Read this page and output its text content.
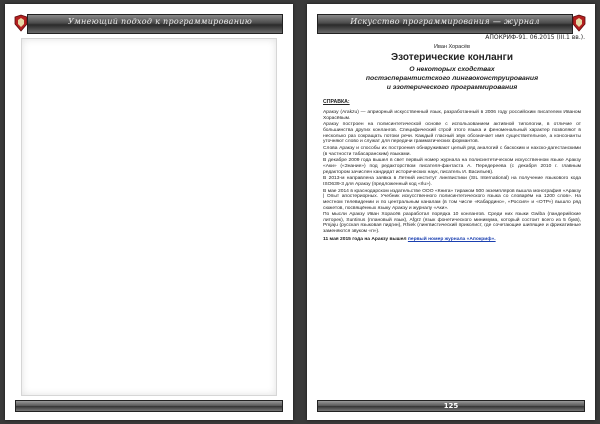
Умнеющий подход к программированию	Искусство программирования — журнал
АПОКРИФ-91. 06.2015 (III.1 вв.).
Иван Хорасёв
Эзотерические конланги
О некоторых сходствах
постэсперантистского лингвоконструирования
и эзотерического программирования
СПРАВКА:

Аракзу (Arakzu) — априорный искусственный язык, разработанный в 2006 году российским писателем Иваном Хорасёвым.

Аракзу построен на полисинтетической основе с использованием активной типологии, в отличие от большинства других конлангов. Специфический строй этого языка и феноменальный характер позволяют в несколько раз сокращать потоки речи. Каждый гласный звук обозначает имя существительное, а консонанты уточняют слово и служат для передачи грамматических формантов.

Слова Аракзу и способы их построения обнаруживают целый ряд аналогий с баскским и нахско-дагестанскими (в частности табасаранским) языками.

В декабре 2009 года вышел в свет первый номер журнала на полисинтетическом искусственном языке Аракзу «Аки» («Знание») под редакторством писателя-фантаста А. Передереева (с декабря 2010 г. главным редактором зачислен кандидат исторических наук, писатель И. Васильев).

В 2013-м направлена заявка в Летний институт лингвистики (SIL International) на получение языкового кода ISO639-3 для Аракзу (предложенный код «rlu»).

В мае 2014 в краснодарском издательстве ООО «Книга» тиражом 500 экземпляров вышла монография «Аракзу | Опыт апостериорных. Учебник искусственного полисинтетического языка со словарём на 1200 слов». На местном телевидении и по центральным каналам (в том числе «Кабардино», «Россия» и «ОТР») вышло ряд сюжетов, посвящённых языку Аракзу и журналу «Аки».

По мысли Аракзу Иван Хорасёв разработал порядка 10 конлангов. Среди них языки Gwiba (пандерийские литорек), Suntinus (плановый язык), Afgrz (язык фонетического минимума, который состоит всего из 5 букв), Pmjaju (русская языковая пидгин), Rhiek (лингвистический приколист, где сочетающие шипящие и фрикативные заменяются звуком «п»).

11 мая 2015 года на Аракзу вышел первый номер журнала «Апокриф».
125
